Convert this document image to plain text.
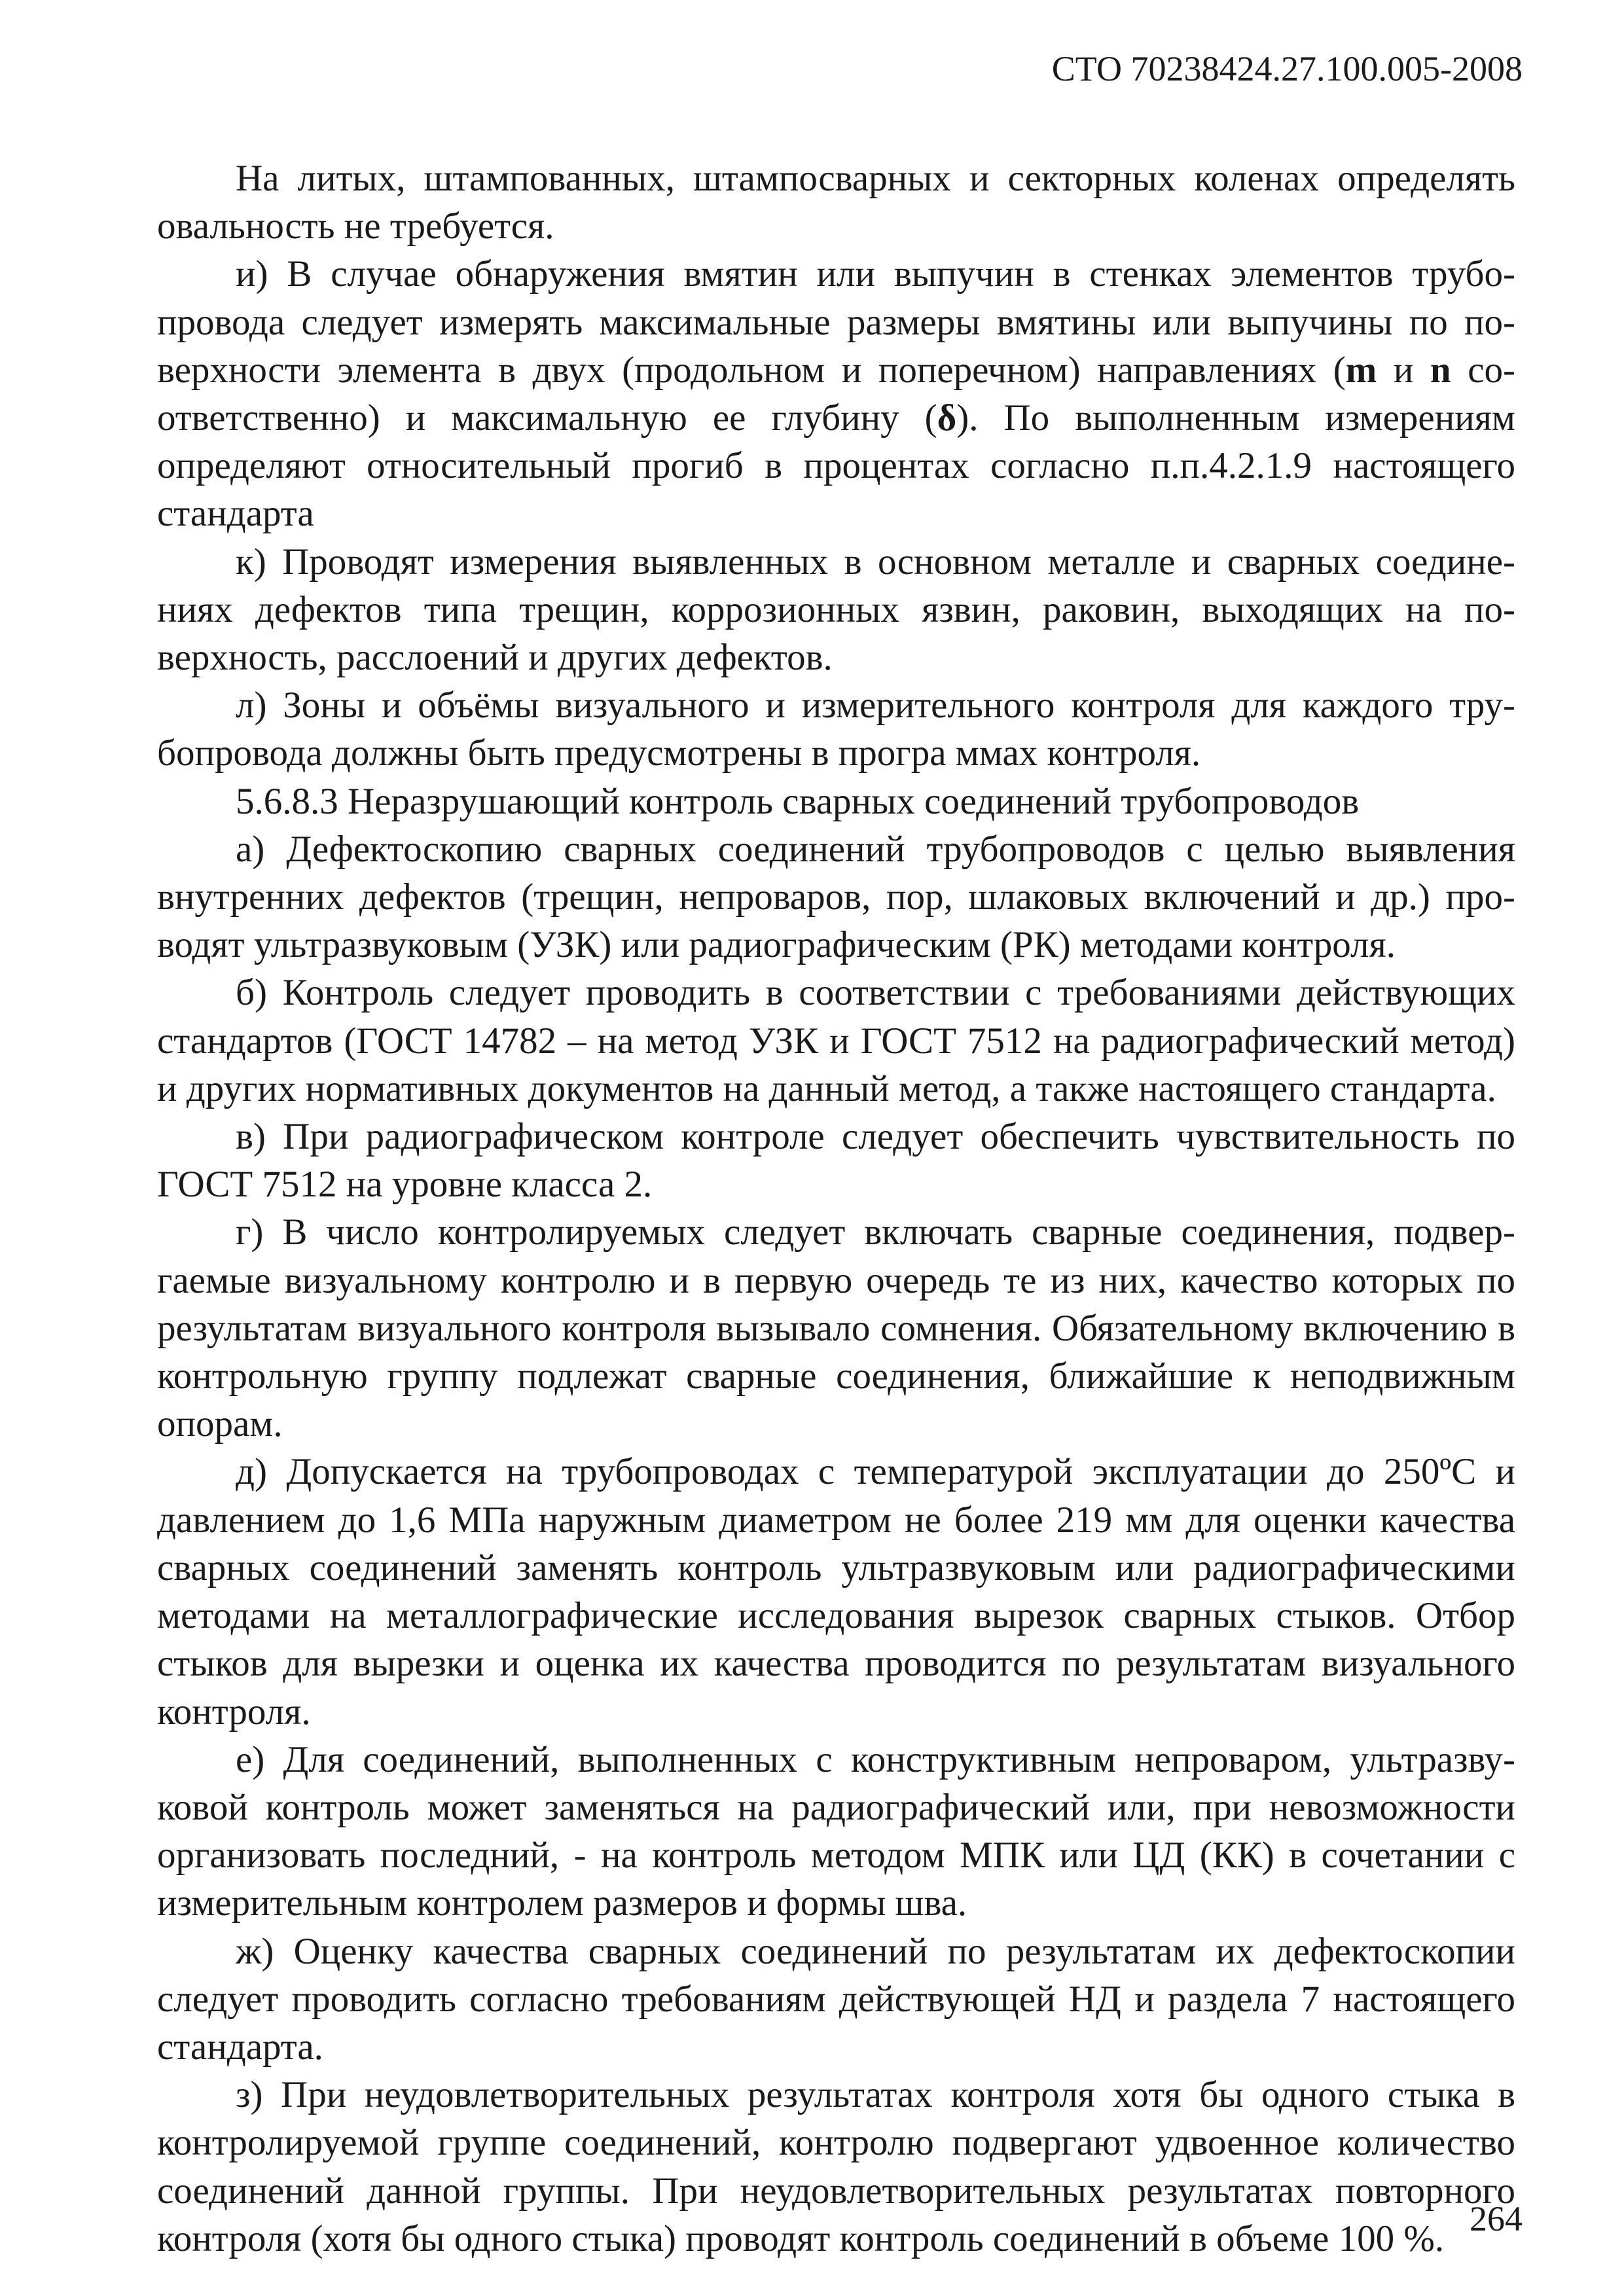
СТО 70238424.27.100.005-2008

На литых, штампованных, штампосварных и секторных коленах определять овальность не требуется.

и) В случае обнаружения вмятин или выпучин в стенках элементов трубопровода следует измерять максимальные размеры вмятины или выпучины по поверхности элемента в двух (продольном и поперечном) направлениях (m и n соответственно) и максимальную ее глубину (δ). По выполненным измерениям определяют относительный прогиб в процентах согласно п.п.4.2.1.9 настоящего стандарта

к) Проводят измерения выявленных в основном металле и сварных соединениях дефектов типа трещин, коррозионных язвин, раковин, выходящих на поверхность, расслоений и других дефектов.

л) Зоны и объёмы визуального и измерительного контроля для каждого трубопровода должны быть предусмотрены в програ ммах контроля.

5.6.8.3 Неразрушающий контроль сварных соединений трубопроводов

а) Дефектоскопию сварных соединений трубопроводов с целью выявления внутренних дефектов (трещин, непроваров, пор, шлаковых включений и др.) проводят ультразвуковым (УЗК) или радиографическим (РК) методами контроля.

б) Контроль следует проводить в соответствии с требованиями действующих стандартов (ГОСТ 14782 – на метод УЗК и ГОСТ 7512 на радиографический метод) и других нормативных документов на данный метод, а также настоящего стандарта.

в) При радиографическом контроле следует обеспечить чувствительность по ГОСТ 7512 на уровне класса 2.

г) В число контролируемых следует включать сварные соединения, подвергаемые визуальному контролю и в первую очередь те из них, качество которых по результатам визуального контроля вызывало сомнения. Обязательному включению в контрольную группу подлежат сварные соединения, ближайшие к неподвижным опорам.

д) Допускается на трубопроводах с температурой эксплуатации до 250ºС и давлением до 1,6 МПа наружным диаметром не более 219 мм для оценки качества сварных соединений заменять контроль ультразвуковым или радиографическими методами на металлографические исследования вырезок сварных стыков. Отбор стыков для вырезки и оценка их качества проводится по результатам визуального контроля.

е) Для соединений, выполненных с конструктивным непроваром, ультразвуковой контроль может заменяться на радиографический или, при невозможности организовать последний, - на контроль методом МПК или ЦД (КК) в сочетании с измерительным контролем размеров и формы шва.

ж) Оценку качества сварных соединений по результатам их дефектоскопии следует проводить согласно требованиям действующей НД и раздела 7 настоящего стандарта.

з) При неудовлетворительных результатах контроля хотя бы одного стыка в контролируемой группе соединений, контролю подвергают удвоенное количество соединений данной группы. При неудовлетворительных результатах повторного контроля (хотя бы одного стыка) проводят контроль соединений в объеме 100 %. 264
